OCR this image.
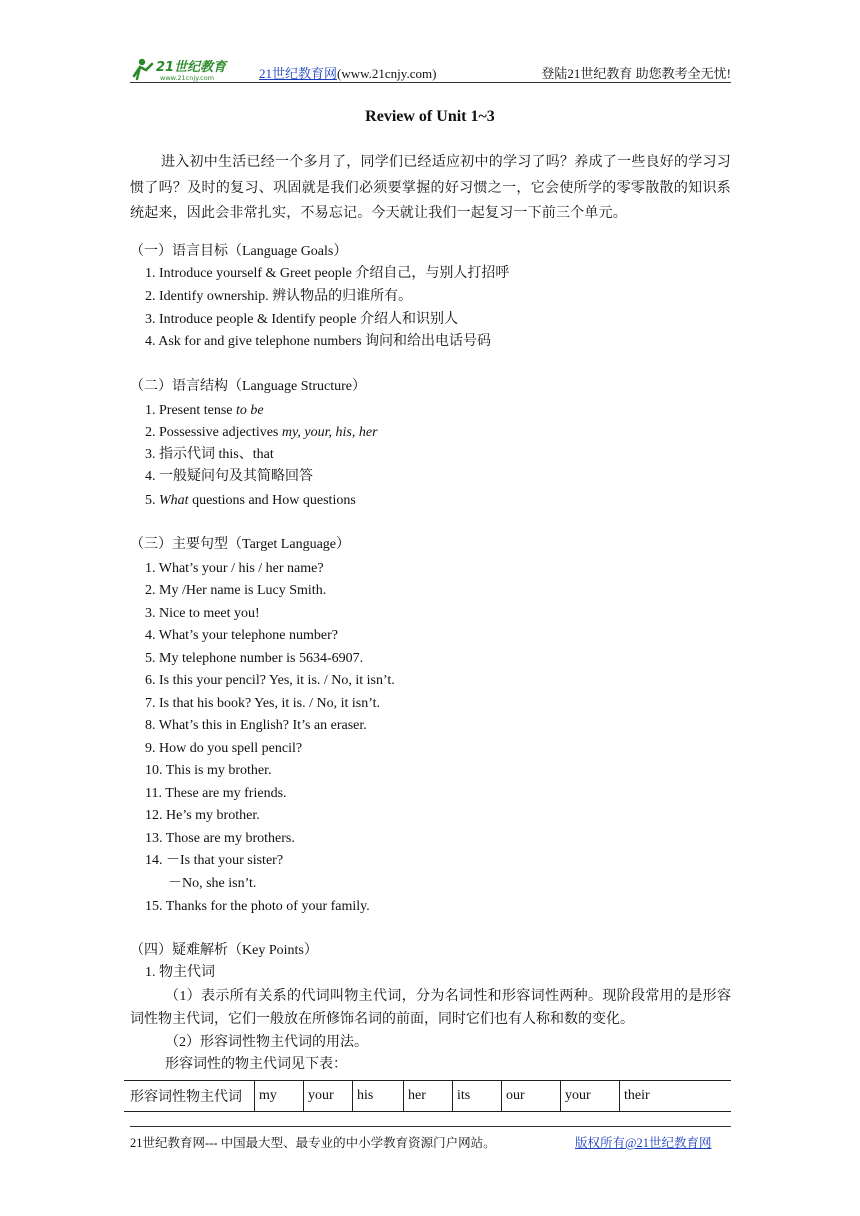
21世纪教育
www.21cnjy.com	21世纪教育网(www.21cnjy.com)	登陆21世纪教育 助您教考全无忧!
Review of Unit 1~3
进入初中生活已经一个多月了，同学们已经适应初中的学习了吗？养成了一些良好的学习习惯了吗？及时的复习、巩固就是我们必须要掌握的好习惯之一，它会使所学的零零散散的知识系统起来，因此会非常扎实，不易忘记。今天就让我们一起复习一下前三个单元。
（一）语言目标（Language Goals）
1. Introduce yourself & Greet people 介绍自己，与别人打招呼
2. Identify ownership. 辨认物品的归谁所有。
3. Introduce people & Identify people 介绍人和识别人
4. Ask for and give telephone numbers 询问和给出电话号码
（二）语言结构（Language Structure）
1. Present tense to be
2. Possessive adjectives my, your, his, her
3. 指示代词 this、that
4. 一般疑问句及其简略回答
5. What questions and How questions
（三）主要句型（Target Language）
1. What’s your / his / her name?
2. My /Her name is Lucy Smith.
3. Nice to meet you!
4. What’s your telephone number?
5. My telephone number is 5634-6907.
6. Is this your pencil? Yes, it is. / No, it isn’t.
7. Is that his book? Yes, it is. / No, it isn’t.
8. What’s this in English? It’s an eraser.
9. How do you spell pencil?
10. This is my brother.
11. These are my friends.
12. He’s my brother.
13. Those are my brothers.
14. －Is that your sister?
－No, she isn’t.
15. Thanks for the photo of your family.
（四）疑难解析（Key Points）
1. 物主代词
（1）表示所有关系的代词叫物主代词，分为名词性和形容词性两种。现阶段常用的是形容词性物主代词，它们一般放在所修饰名词的前面，同时它们也有人称和数的变化。
（2）形容词性物主代词的用法。
形容词性的物主代词见下表：
形容词性物主代词	my	your	his	her	its	our	your	their
21世纪教育网--- 中国最大型、最专业的中小学教育资源门户网站。	版权所有@21世纪教育网
